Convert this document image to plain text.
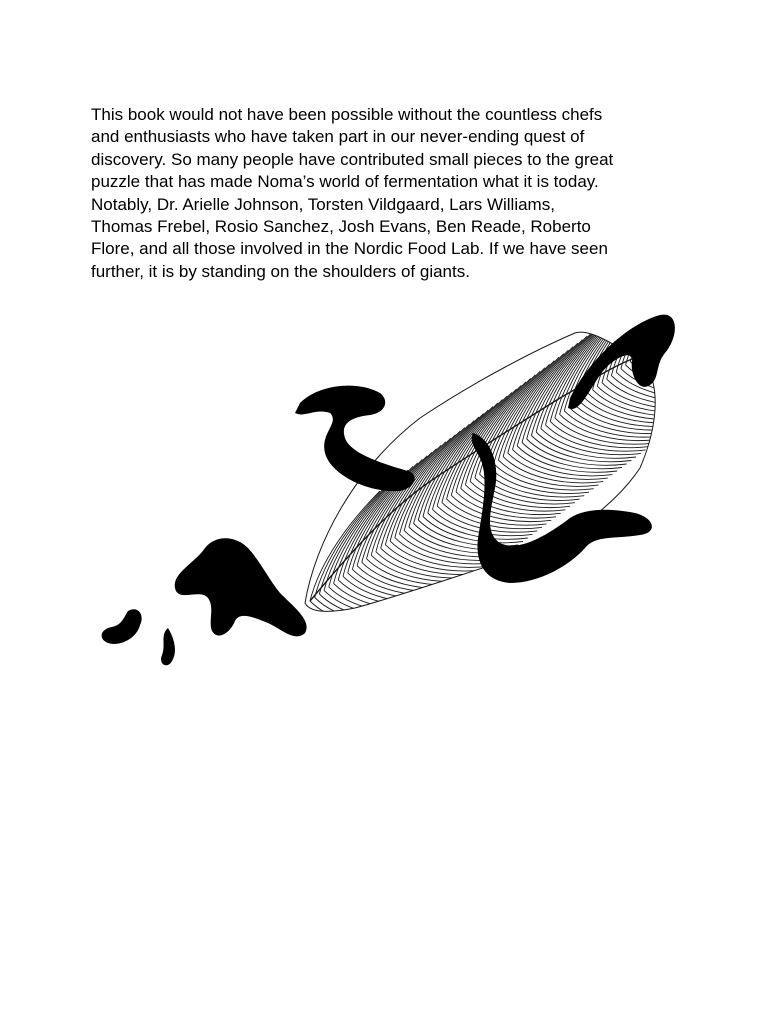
This book would not have been possible without the countless chefs
and enthusiasts who have taken part in our never-ending quest of
discovery. So many people have contributed small pieces to the great
puzzle that has made Noma’s world of fermentation what it is today.
Notably, Dr. Arielle Johnson, Torsten Vildgaard, Lars Williams,
Thomas Frebel, Rosio Sanchez, Josh Evans, Ben Reade, Roberto
Flore, and all those involved in the Nordic Food Lab. If we have seen
further, it is by standing on the shoulders of giants.
